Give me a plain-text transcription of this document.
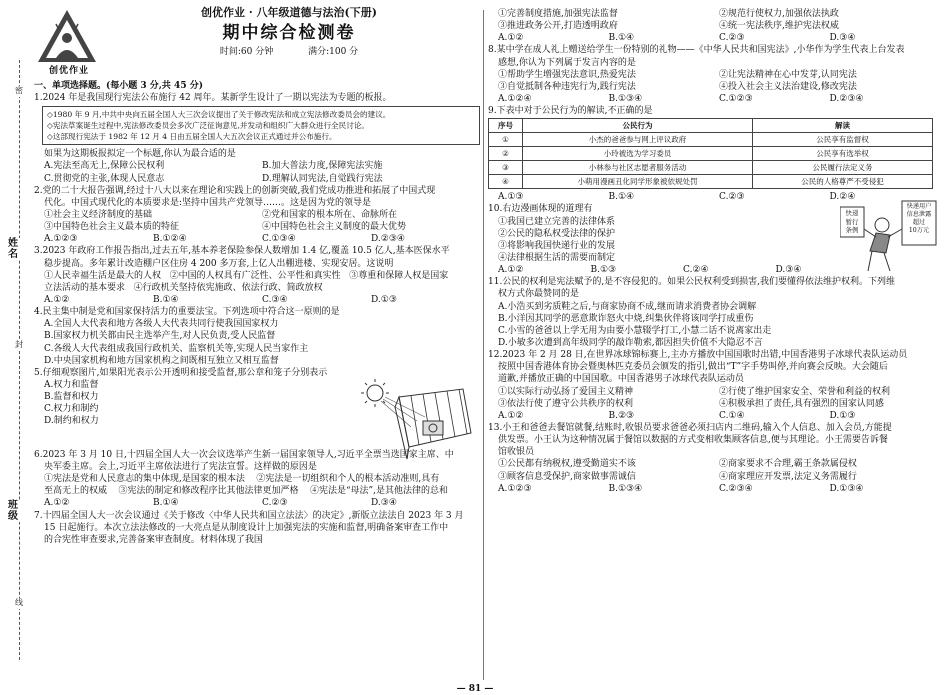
密
姓名
封
班级
线
创优作业
创优作业 · 八年级道德与法治(下册)
期中综合检测卷
时间:60 分钟	满分:100 分

一、单项选择题。(每小题 3 分,共 45 分)

1.2024 年是我国现行宪法公布施行 42 周年。某新学生设计了一期以宪法为专题的板报。

◇1980 年 9 月,中共中央向五届全国人大三次会议提出了关于修改宪法和成立宪法修改委员会的建议。

◇宪法草案诞生过程中,宪法修改委员会多次广泛征询意见,并发动和组织广大群众进行全民讨论。

◇这部现行宪法于 1982 年 12 月 4 日由五届全国人大五次会议正式通过并公布施行。

如果为这期板报拟定一个标题,你认为最合适的是

A.宪法至高无上,保障公民权利	B.加大普法力度,保障宪法实施
C.贯彻党的主张,体现人民意志	D.理解认同宪法,自觉践行宪法

2.党的二十大报告强调,经过十八大以来在理论和实践上的创新突破,我们党成功推进和拓展了中国式现

代化。中国式现代化的本质要求是:坚持中国共产党领导……。这是因为党的领导是

①社会主义经济制度的基础	②党和国家的根本所在、命脉所在
③中国特色社会主义最本质的特征	④中国特色社会主义制度的最大优势
A.①②③	B.①②④	C.①③④	D.②③④

3.2023 年政府工作报告指出,过去五年,基本养老保险参保人数增加 1.4 亿,覆盖 10.5 亿人,基本医保水平

稳步提高。多年累计改造棚户区住房 4 200 多万套,上亿人出棚进楼、实现安居。这说明

①人民幸福生活是最大的人权 ②中国的人权具有广泛性、公平性和真实性 ③尊重和保障人权是国家

立法活动的基本要求 ④行政机关坚持依宪施政、依法行政、简政放权

A.①②	B.①④	C.③④	D.①③

4.民主集中制是党和国家保持活力的重要法宝。下列选项中符合这一原则的是

A.全国人大代表和地方各级人大代表共同行使我国国家权力

B.国家权力机关都由民主选举产生,对人民负责,受人民监督

C.各级人大代表组成我国行政机关、监察机关等,实现人民当家作主

D.中央国家机构和地方国家机构之间既相互独立又相互监督

5.仔细观察图片,如果阳光表示公开透明和接受监督,那公章和笼子分别表示

A.权力和监督

B.监督和权力

C.权力和制约

D.制约和权力

6.2023 年 3 月 10 日,十四届全国人大一次会议选举产生新一届国家领导人,习近平全票当选国家主席、中

央军委主席。会上,习近平主席依法进行了宪法宣誓。这样做的原因是

①宪法是党和人民意志的集中体现,是国家的根本法 ②宪法是一切组织和个人的根本活动准则,具有

至高无上的权威 ③宪法的制定和修改程序比其他法律更加严格 ④宪法是“母法”,是其他法律的总和

A.①②	B.①④	C.②③	D.③④

7.十四届全国人大一次会议通过《关于修改〈中华人民共和国立法法〉的决定》,新版立法法自 2023 年 3 月

15 日起施行。本次立法法修改的一大亮点是从制度设计上加强宪法的实施和监督,明确备案审查工作中

的合宪性审查要求,完善备案审查制度。材料体现了我国

①完善制度措施,加强宪法监督	②规范行使权力,加强依法执政
③推进政务公开,打造透明政府	④统一宪法秩序,维护宪法权威
A.①②	B.①④	C.②③	D.③④

8.某中学在成人礼上赠送给学生一份特别的礼物——《中华人民共和国宪法》,小华作为学生代表上台发表

感想,你认为下列属于发言内容的是

①帮助学生增强宪法意识,热爱宪法	②让宪法精神在心中发芽,认同宪法
③自觉抵制各种违宪行为,践行宪法	④投入社会主义法治建设,修改宪法
A.①②④	B.①③④	C.①②③	D.②③④

9.下表中对于公民行为的解读,不正确的是

序号	公民行为	解读
①	小杰的爸爸参与网上评议政府	公民享有监督权
②	小玲被选为学习委员	公民享有选举权
③	小林参与社区志愿者服务活动	公民履行法定义务
④	小萌用漫画丑化同学形象被依规处罚	公民的人格尊严不受侵犯
A.①③	B.①④	C.②③	D.②④

10.右边漫画体现的道理有

①我国已建立完善的法律体系

②公民的隐私权受法律的保护

③将影响我国快递行业的发展

④法律根据生活的需要而制定

A.①②	B.①③	C.②④	D.③④
快递
暂行
条例
快递用户信息泄露
超过
10万元

11.公民的权利是宪法赋予的,是不容侵犯的。如果公民权利受到损害,我们要懂得依法维护权利。下列维

权方式你最赞同的是

A.小浩买到劣质鞋之后,与商家协商不成,继而请求消费者协会调解

B.小洋因其同学的恶意欺诈怒火中烧,纠集伙伴将该同学打成重伤

C.小雪的爸爸以上学无用为由要小慧辍学打工,小慧二话不说离家出走

D.小敏多次遭到高年级同学的敲诈勒索,都因担失价值不大隐忍不言

12.2023 年 2 月 28 日,在世界冰球锦标赛上,主办方播放中国国歌时出错,中国香港男子冰球代表队运动员

按照中国香港体育协会暨奥林匹克委员会颁发的指引,做出“T”字手势叫停,并向赛会反映。大会随后

道歉,并播放正确的中国国歌。中国香港男子冰球代表队运动员

①以实际行动弘扬了爱国主义精神	②行使了维护国家安全、荣誉和利益的权利
③依法行使了遵守公共秩序的权利	④积极承担了责任,具有强烈的国家认同感
A.①②	B.②③	C.①④	D.①③

13.小王和爸爸去餐馆就餐,结账时,收银员要求爸爸必须扫店内二维码,输入个人信息、加入会员,方能提

供发票。小王认为这种情况属于餐馆以数据的方式变相收集顾客信息,便与其理论。小王需要告诉餐

馆收银员

①公民都有纳税权,遵受勤道实不该	②商家要求不合理,霸王条款属侵权
③顾客信息受保护,商家做事需诚信	④商家理应开发票,法定义务需履行
A.①②③	B.①③④	C.②③④	D.①③④
— 81 —
